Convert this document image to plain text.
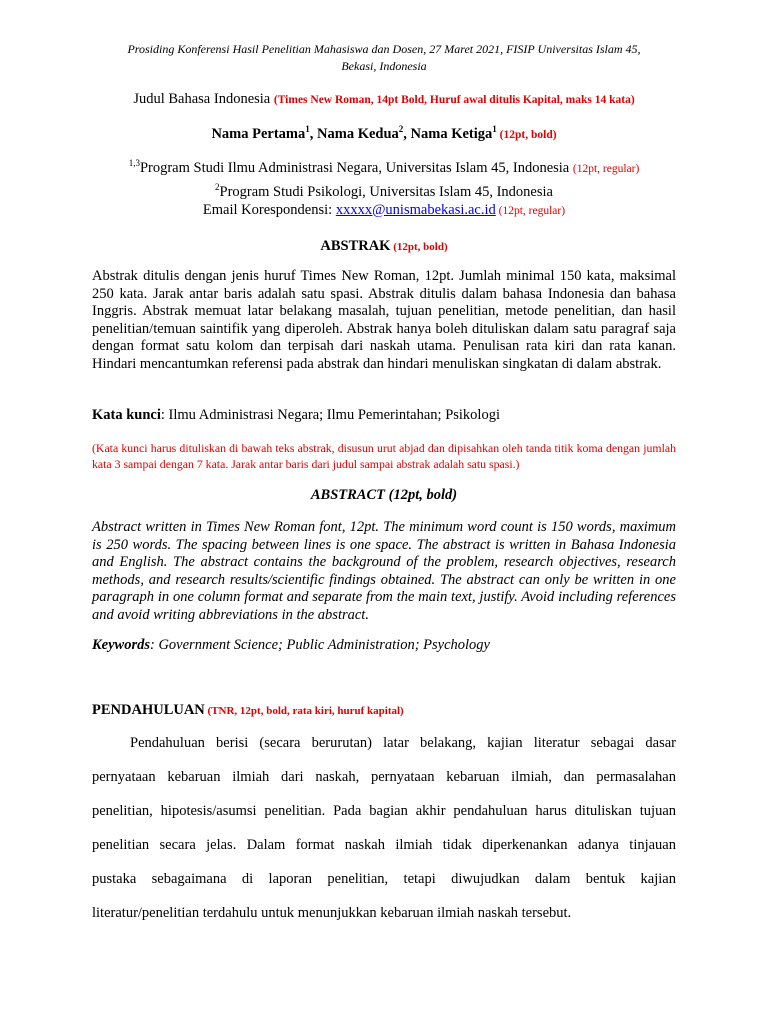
Prosiding Konferensi Hasil Penelitian Mahasiswa dan Dosen, 27 Maret 2021, FISIP Universitas Islam 45,
Bekasi, Indonesia
Judul Bahasa Indonesia (Times New Roman, 14pt Bold, Huruf awal ditulis Kapital, maks 14 kata)
Nama Pertama$^1$, Nama Kedua$^2$, Nama Ketiga$^1$ (12pt, bold)
$^{1,3}$Program Studi Ilmu Administrasi Negara, Universitas Islam 45, Indonesia (12pt, regular)
$^2$Program Studi Psikologi, Universitas Islam 45, Indonesia
Email Korespondensi: xxxxx@unismabekasi.ac.id (12pt, regular)
ABSTRAK (12pt, bold)
Abstrak ditulis dengan jenis huruf Times New Roman, 12pt. Jumlah minimal 150 kata, maksimal 250 kata. Jarak antar baris adalah satu spasi. Abstrak ditulis dalam bahasa Indonesia dan bahasa Inggris. Abstrak memuat latar belakang masalah, tujuan penelitian, metode penelitian, dan hasil penelitian/temuan saintifik yang diperoleh. Abstrak hanya boleh dituliskan dalam satu paragraf saja dengan format satu kolom dan terpisah dari naskah utama. Penulisan rata kiri dan rata kanan. Hindari mencantumkan referensi pada abstrak dan hindari menuliskan singkatan di dalam abstrak.
Kata kunci: Ilmu Administrasi Negara; Ilmu Pemerintahan; Psikologi
(Kata kunci harus dituliskan di bawah teks abstrak, disusun urut abjad dan dipisahkan oleh tanda titik koma dengan jumlah kata 3 sampai dengan 7 kata. Jarak antar baris dari judul sampai abstrak adalah satu spasi.)
ABSTRACT (12pt, bold)
Abstract written in Times New Roman font, 12pt. The minimum word count is 150 words, maximum is 250 words. The spacing between lines is one space. The abstract is written in Bahasa Indonesia and English. The abstract contains the background of the problem, research objectives, research methods, and research results/scientific findings obtained. The abstract can only be written in one paragraph in one column format and separate from the main text, justify. Avoid including references and avoid writing abbreviations in the abstract.
Keywords: Government Science; Public Administration; Psychology
PENDAHULUAN (TNR, 12pt, bold, rata kiri, huruf kapital)
Pendahuluan berisi (secara berurutan) latar belakang, kajian literatur sebagai dasar
pernyataan kebaruan ilmiah dari naskah, pernyataan kebaruan ilmiah, dan permasalahan
penelitian, hipotesis/asumsi penelitian. Pada bagian akhir pendahuluan harus dituliskan tujuan
penelitian secara jelas. Dalam format naskah ilmiah tidak diperkenankan adanya tinjauan
pustaka sebagaimana di laporan penelitian, tetapi diwujudkan dalam bentuk kajian
literatur/penelitian terdahulu untuk menunjukkan kebaruan ilmiah naskah tersebut.
